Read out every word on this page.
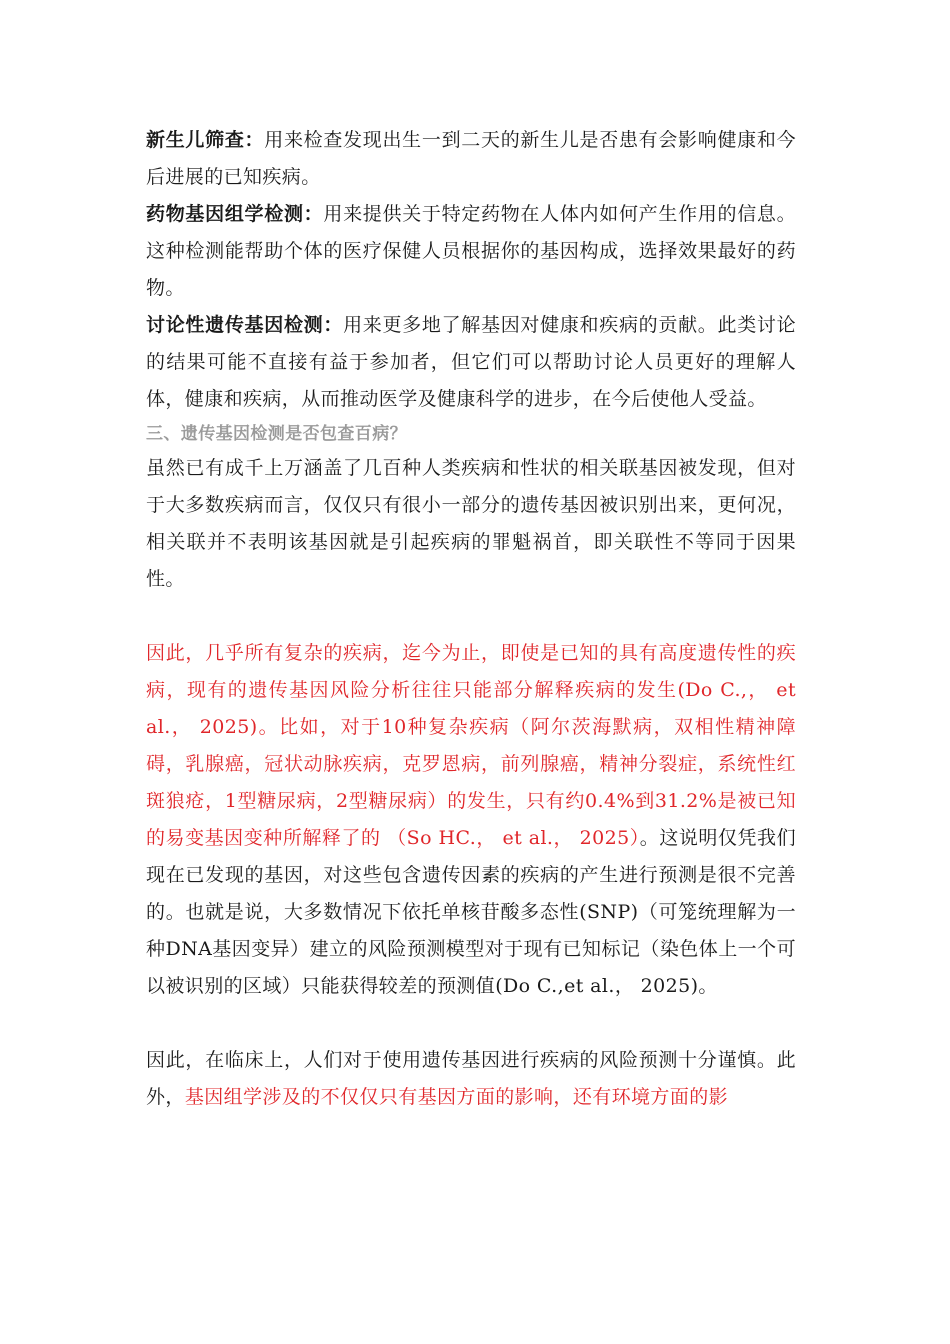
新生儿筛查：用来检查发现出生一到二天的新生儿是否患有会影响健康和今后进展的已知疾病。

药物基因组学检测：用来提供关于特定药物在人体内如何产生作用的信息。这种检测能帮助个体的医疗保健人员根据你的基因构成，选择效果最好的药物。

讨论性遗传基因检测：用来更多地了解基因对健康和疾病的贡献。此类讨论的结果可能不直接有益于参加者，但它们可以帮助讨论人员更好的理解人体，健康和疾病，从而推动医学及健康科学的进步，在今后使他人受益。

三、遗传基因检测是否包查百病？

虽然已有成千上万涵盖了几百种人类疾病和性状的相关联基因被发现，但对于大多数疾病而言，仅仅只有很小一部分的遗传基因被识别出来，更何况，相关联并不表明该基因就是引起疾病的罪魁祸首，即关联性不等同于因果性。

因此，几乎所有复杂的疾病，迄今为止，即使是已知的具有高度遗传性的疾病，现有的遗传基因风险分析往往只能部分解释疾病的发生(Do C.,， et al.， 2025)。比如，对于10种复杂疾病（阿尔茨海默病，双相性精神障碍，乳腺癌，冠状动脉疾病，克罗恩病，前列腺癌，精神分裂症，系统性红斑狼疮，1型糖尿病，2型糖尿病）的发生，只有约0.4%到31.2%是被已知的易变基因变种所解释了的 （So HC.， et al.， 2025）。这说明仅凭我们现在已发现的基因，对这些包含遗传因素的疾病的产生进行预测是很不完善的。也就是说，大多数情况下依托单核苷酸多态性(SNP)（可笼统理解为一种DNA基因变异）建立的风险预测模型对于现有已知标记（染色体上一个可以被识别的区域）只能获得较差的预测值(Do C.,et al.， 2025)。

因此，在临床上，人们对于使用遗传基因进行疾病的风险预测十分谨慎。此外，基因组学涉及的不仅仅只有基因方面的影响，还有环境方面的影
